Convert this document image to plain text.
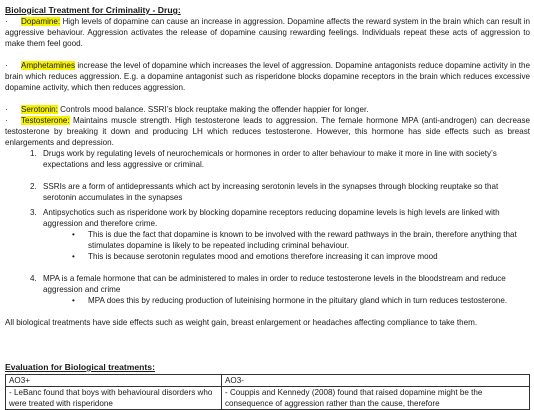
Biological Treatment for Criminality - Drug:
·	Dopamine: High levels of dopamine can cause an increase in aggression. Dopamine affects the reward system in the brain which can result in aggressive behaviour. Aggression activates the release of dopamine causing rewarding feelings. Individuals repeat these acts of aggression to make them feel good.
·	Amphetamines increase the level of dopamine which increases the level of aggression. Dopamine antagonists reduce dopamine activity in the brain which reduces aggression. E.g. a dopamine antagonist such as risperidone blocks dopamine receptors in the brain which reduces excessive dopamine activity, which then reduces aggression.
·	Serotonin: Controls mood balance. SSRI’s block reuptake making the offender happier for longer.
·	Testosterone: Maintains muscle strength. High testosterone leads to aggression. The female hormone MPA (anti-androgen) can decrease testosterone by breaking it down and producing LH which reduces testosterone. However, this hormone has side effects such as breast enlargements and depression.
1. Drugs work by regulating levels of neurochemicals or hormones in order to alter behaviour to make it more in line with society’s expectations and less aggressive or criminal.
2. SSRIs are a form of antidepressants which act by increasing serotonin levels in the synapses through blocking reuptake so that serotonin accumulates in the synapses
3. Antipsychotics such as risperidone work by blocking dopamine receptors reducing dopamine levels is high levels are linked with aggression and therefore crime.
• This is due the fact that dopamine is known to be involved with the reward pathways in the brain, therefore anything that stimulates dopamine is likely to be repeated including criminal behaviour.
• This is because serotonin regulates mood and emotions therefore increasing it can improve mood
4. MPA is a female hormone that can be administered to males in order to reduce testosterone levels in the bloodstream and reduce aggression and crime
• MPA does this by reducing production of luteinising hormone in the pituitary gland which in turn reduces testosterone.
All biological treatments have side effects such as weight gain, breast enlargement or headaches affecting compliance to take them.
Evaluation for Biological treatments:
AO3+	AO3-
- LeBanc found that boys with behavioural disorders who were treated with risperidone	- Couppis and Kennedy (2008) found that raised dopamine might be the consequence of aggression rather than the cause, therefore
